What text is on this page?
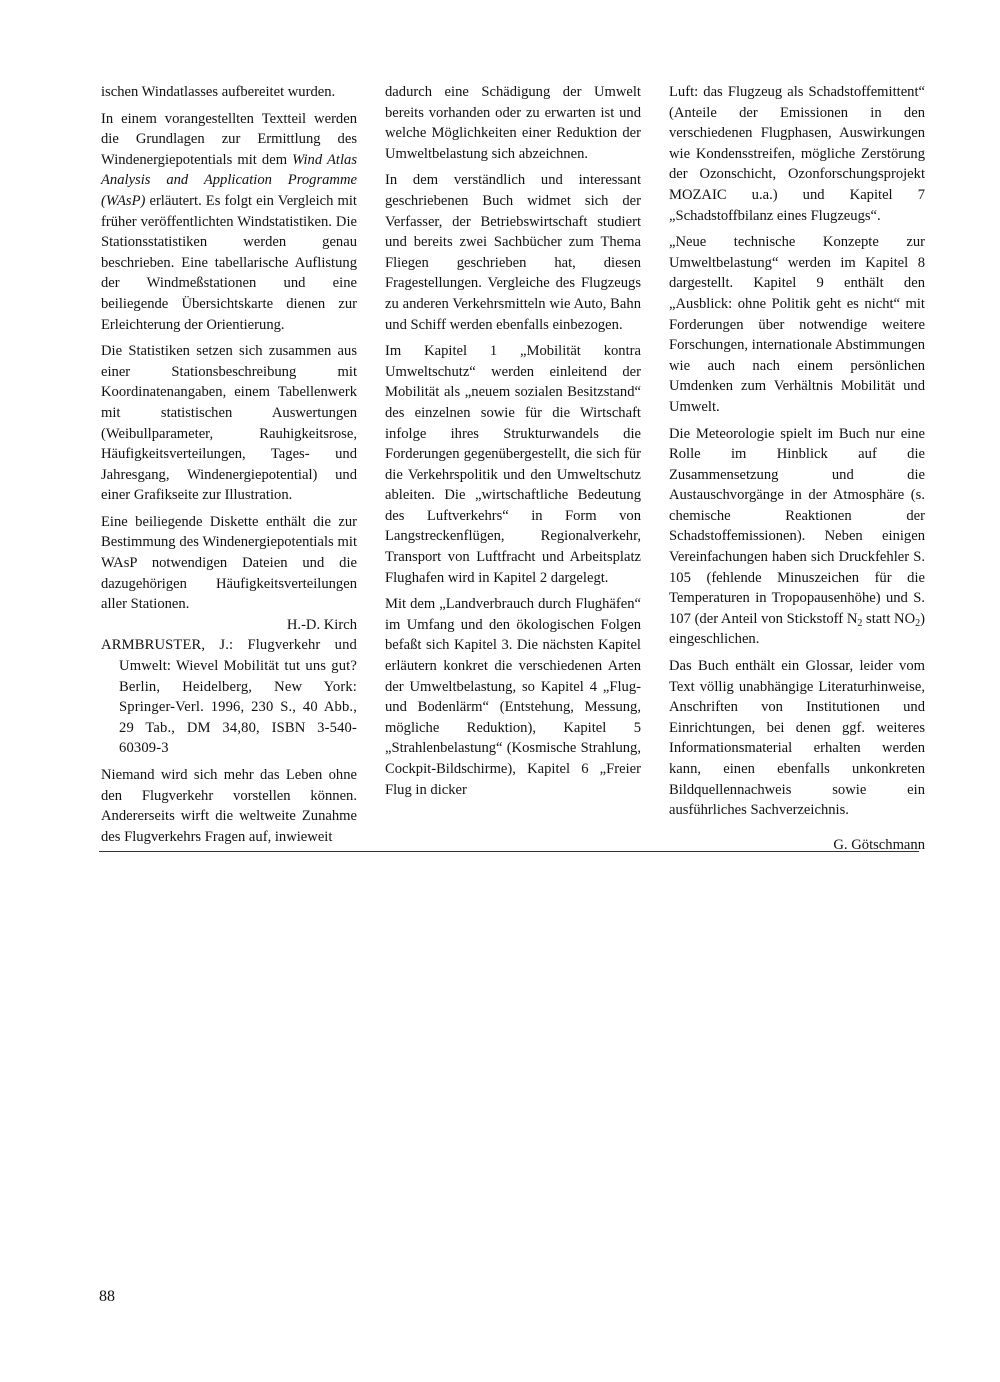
ischen Windatlasses aufbereitet wurden.

In einem vorangestellten Textteil werden die Grundlagen zur Ermittlung des Windenergiepotentials mit dem Wind Atlas Analysis and Application Programme (WAsP) erläutert. Es folgt ein Vergleich mit früher veröffentlichten Windstatistiken. Die Stationsstatistiken werden genau beschrieben. Eine tabellarische Auflistung der Windmeßstationen und eine beiliegende Übersichtskarte dienen zur Erleichterung der Orientierung.

Die Statistiken setzen sich zusammen aus einer Stationsbeschreibung mit Koordinatenangaben, einem Tabellenwerk mit statistischen Auswertungen (Weibullparameter, Rauhigkeitsrose, Häufigkeitsverteilungen, Tages- und Jahresgang, Windenergiepotential) und einer Grafikseite zur Illustration.

Eine beiliegende Diskette enthält die zur Bestimmung des Windenergiepotentials mit WAsP notwendigen Dateien und die dazugehörigen Häufigkeitsverteilungen aller Stationen.
H.-D. Kirch

ARMBRUSTER, J.: Flugverkehr und Umwelt: Wievel Mobilität tut uns gut? Berlin, Heidelberg, New York: Springer-Verl. 1996, 230 S., 40 Abb., 29 Tab., DM 34,80, ISBN 3-540-60309-3

Niemand wird sich mehr das Leben ohne den Flugverkehr vorstellen können. Andererseits wirft die weltweite Zunahme des Flugverkehrs Fragen auf, inwieweit

dadurch eine Schädigung der Umwelt bereits vorhanden oder zu erwarten ist und welche Möglichkeiten einer Reduktion der Umweltbelastung sich abzeichnen.

In dem verständlich und interessant geschriebenen Buch widmet sich der Verfasser, der Betriebswirtschaft studiert und bereits zwei Sachbücher zum Thema Fliegen geschrieben hat, diesen Fragestellungen. Vergleiche des Flugzeugs zu anderen Verkehrsmitteln wie Auto, Bahn und Schiff werden ebenfalls einbezogen.

Im Kapitel 1 „Mobilität kontra Umweltschutz“ werden einleitend der Mobilität als „neuem sozialen Besitzstand“ des einzelnen sowie für die Wirtschaft infolge ihres Strukturwandels die Forderungen gegenübergestellt, die sich für die Verkehrspolitik und den Umweltschutz ableiten. Die „wirtschaftliche Bedeutung des Luftverkehrs“ in Form von Langstreckenflügen, Regionalverkehr, Transport von Luftfracht und Arbeitsplatz Flughafen wird in Kapitel 2 dargelegt.

Mit dem „Landverbrauch durch Flughäfen“ im Umfang und den ökologischen Folgen befaßt sich Kapitel 3. Die nächsten Kapitel erläutern konkret die verschiedenen Arten der Umweltbelastung, so Kapitel 4 „Flug- und Bodenlärm“ (Entstehung, Messung, mögliche Reduktion), Kapitel 5 „Strahlenbelastung“ (Kosmische Strahlung, Cockpit-Bildschirme), Kapitel 6 „Freier Flug in dicker

Luft: das Flugzeug als Schadstoffemittent“ (Anteile der Emissionen in den verschiedenen Flugphasen, Auswirkungen wie Kondensstreifen, mögliche Zerstörung der Ozonschicht, Ozonforschungsprojekt MOZAIC u.a.) und Kapitel 7 „Schadstoffbilanz eines Flugzeugs“.

„Neue technische Konzepte zur Umweltbelastung“ werden im Kapitel 8 dargestellt. Kapitel 9 enthält den „Ausblick: ohne Politik geht es nicht“ mit Forderungen über notwendige weitere Forschungen, internationale Abstimmungen wie auch nach einem persönlichen Umdenken zum Verhältnis Mobilität und Umwelt.

Die Meteorologie spielt im Buch nur eine Rolle im Hinblick auf die Zusammensetzung und die Austauschvorgänge in der Atmosphäre (s. chemische Reaktionen der Schadstoffemissionen). Neben einigen Vereinfachungen haben sich Druckfehler S. 105 (fehlende Minuszeichen für die Temperaturen in Tropopausenhöhe) und S. 107 (der Anteil von Stickstoff $N_2$ statt $NO_2$) eingeschlichen.

Das Buch enthält ein Glossar, leider vom Text völlig unabhängige Literaturhinweise, Anschriften von Institutionen und Einrichtungen, bei denen ggf. weiteres Informationsmaterial erhalten werden kann, einen ebenfalls unkonkreten Bildquellennachweis sowie ein ausführliches Sachverzeichnis.

G. Götschmann

88
